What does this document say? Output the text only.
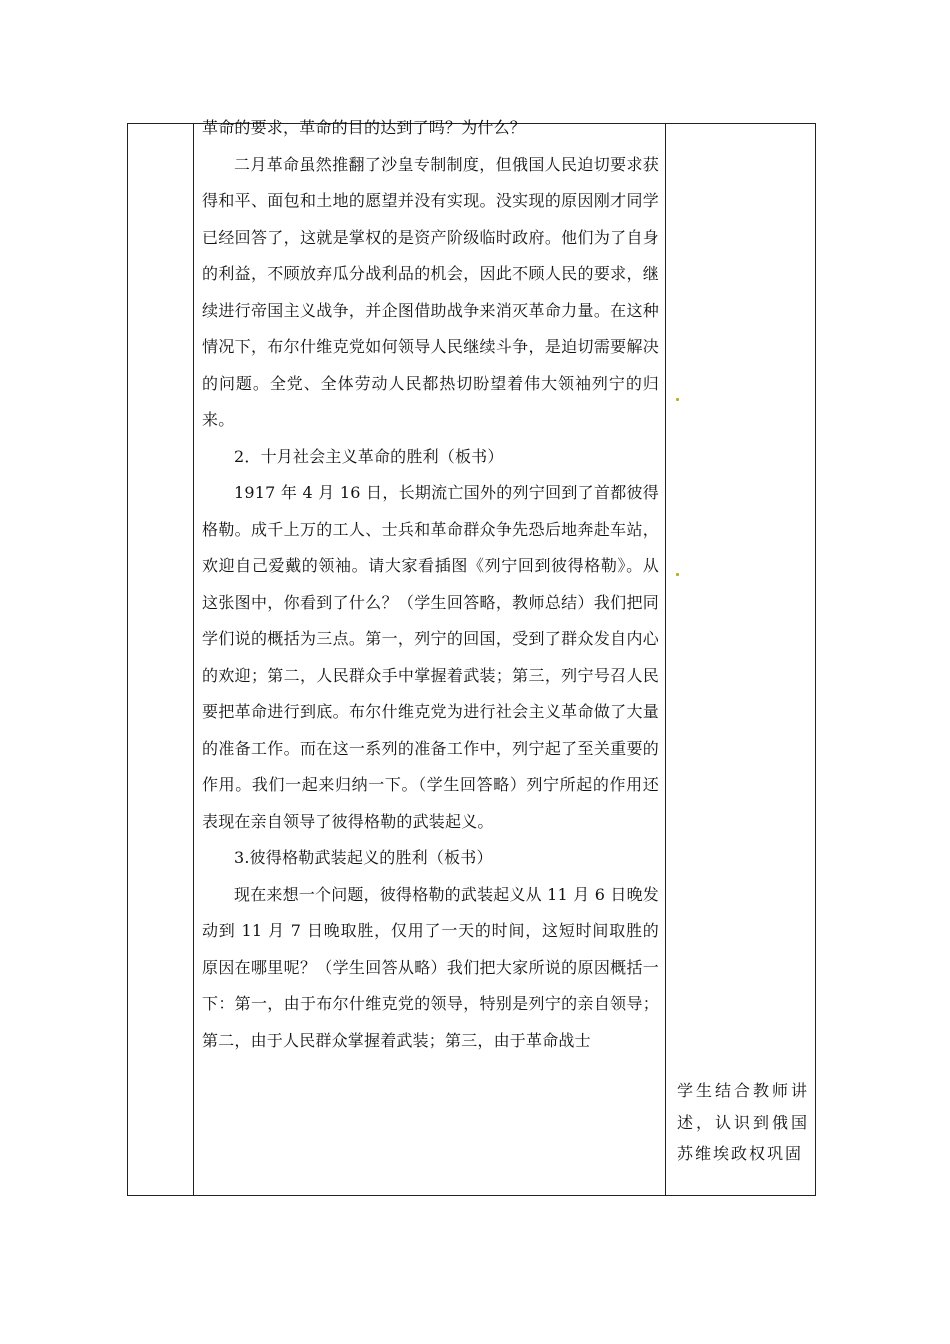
革命的要求，革命的目的达到了吗？为什么？

二月革命虽然推翻了沙皇专制制度，但俄国人民迫切要求获得和平、面包和土地的愿望并没有实现。没实现的原因刚才同学已经回答了，这就是掌权的是资产阶级临时政府。他们为了自身的利益，不顾放弃瓜分战利品的机会，因此不顾人民的要求，继续进行帝国主义战争，并企图借助战争来消灭革命力量。在这种情况下，布尔什维克党如何领导人民继续斗争，是迫切需要解决的问题。全党、全体劳动人民都热切盼望着伟大领袖列宁的归来。

2．十月社会主义革命的胜利（板书）

1917 年 4 月 16 日，长期流亡国外的列宁回到了首都彼得格勒。成千上万的工人、士兵和革命群众争先恐后地奔赴车站，欢迎自己爱戴的领袖。请大家看插图《列宁回到彼得格勒》。从这张图中，你看到了什么？（学生回答略，教师总结）我们把同学们说的概括为三点。第一，列宁的回国，受到了群众发自内心的欢迎；第二，人民群众手中掌握着武装；第三，列宁号召人民要把革命进行到底。布尔什维克党为进行社会主义革命做了大量的准备工作。而在这一系列的准备工作中，列宁起了至关重要的作用。我们一起来归纳一下。（学生回答略）列宁所起的作用还表现在亲自领导了彼得格勒的武装起义。

3.彼得格勒武装起义的胜利（板书）

现在来想一个问题，彼得格勒的武装起义从 11 月 6 日晚发动到 11 月 7 日晚取胜，仅用了一天的时间，这短时间取胜的原因在哪里呢？（学生回答从略）我们把大家所说的原因概括一下：第一，由于布尔什维克党的领导，特别是列宁的亲自领导；第二，由于人民群众掌握着武装；第三，由于革命战士

学生结合教师讲述，认识到俄国苏维埃政权巩固
